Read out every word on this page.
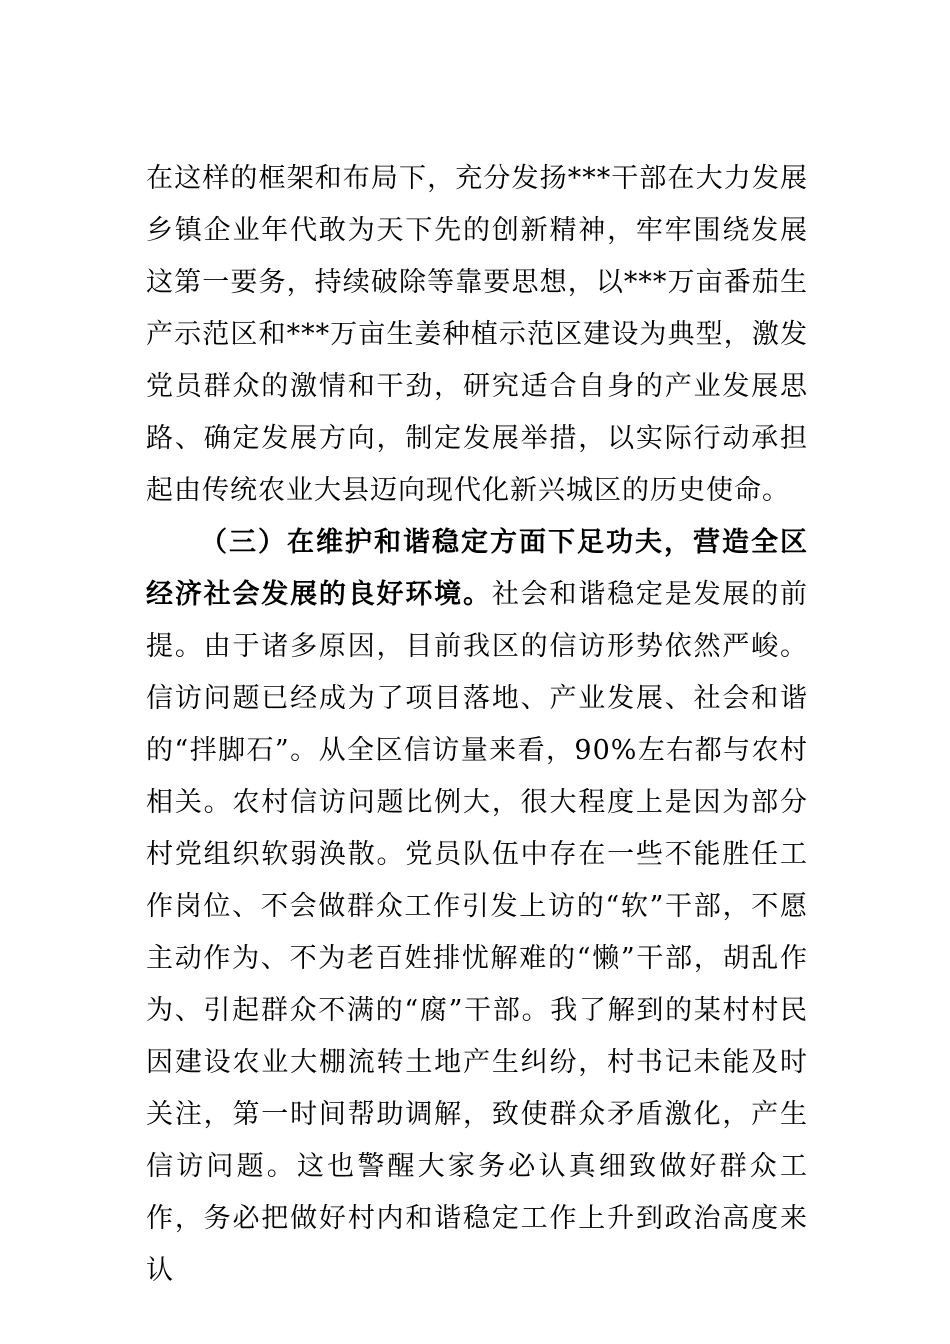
在这样的框架和布局下，充分发扬***干部在大力发展乡镇企业年代敢为天下先的创新精神，牢牢围绕发展这第一要务，持续破除等靠要思想，以***万亩番茄生产示范区和***万亩生姜种植示范区建设为典型，激发党员群众的激情和干劲，研究适合自身的产业发展思路、确定发展方向，制定发展举措，以实际行动承担起由传统农业大县迈向现代化新兴城区的历史使命。

（三）在维护和谐稳定方面下足功夫，营造全区经济社会发展的良好环境。社会和谐稳定是发展的前提。由于诸多原因，目前我区的信访形势依然严峻。信访问题已经成为了项目落地、产业发展、社会和谐的“拌脚石”。从全区信访量来看，90%左右都与农村相关。农村信访问题比例大，很大程度上是因为部分村党组织软弱涣散。党员队伍中存在一些不能胜任工作岗位、不会做群众工作引发上访的“软”干部，不愿主动作为、不为老百姓排忧解难的“懒”干部，胡乱作为、引起群众不满的“腐”干部。我了解到的某村村民因建设农业大棚流转土地产生纠纷，村书记未能及时关注，第一时间帮助调解，致使群众矛盾激化，产生信访问题。这也警醒大家务必认真细致做好群众工作，务必把做好村内和谐稳定工作上升到政治高度来认
